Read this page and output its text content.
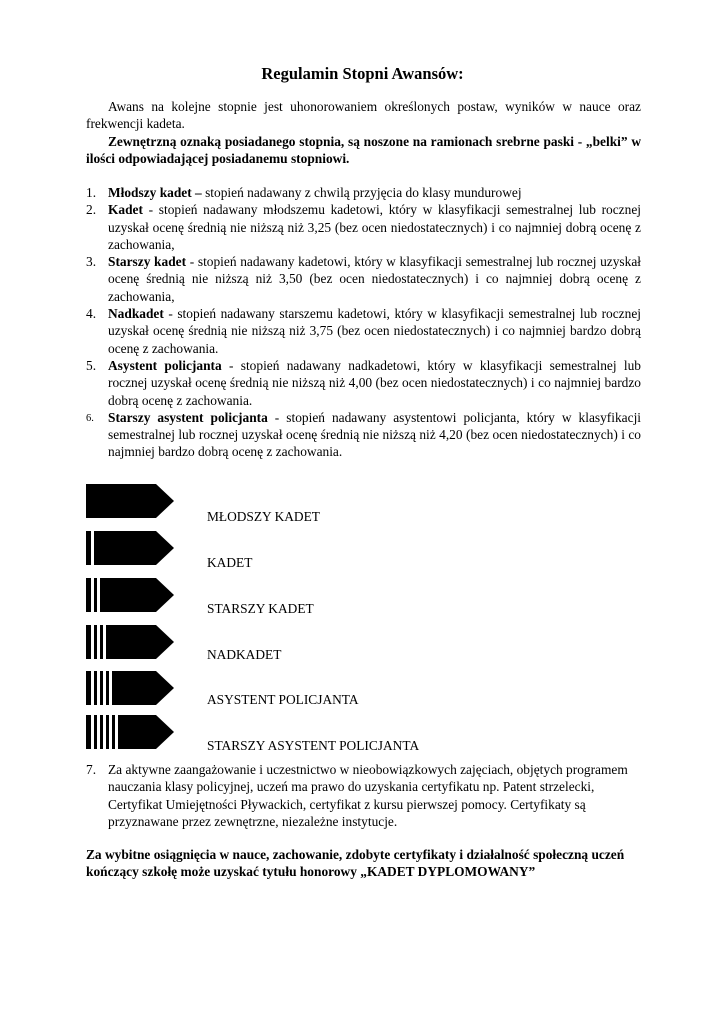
Regulamin Stopni Awansów:
Awans na kolejne stopnie jest uhonorowaniem określonych postaw, wyników w nauce oraz frekwencji kadeta.
Zewnętrzną oznaką posiadanego stopnia, są noszone na ramionach srebrne paski - „belki” w ilości odpowiadającej posiadanemu stopniowi.
1. Młodszy kadet – stopień nadawany z chwilą przyjęcia do klasy mundurowej
2. Kadet - stopień nadawany młodszemu kadetowi, który w klasyfikacji semestralnej lub rocznej uzyskał ocenę średnią nie niższą niż 3,25 (bez ocen niedostatecznych) i co najmniej dobrą ocenę z zachowania,
3. Starszy kadet - stopień nadawany kadetowi, który w klasyfikacji semestralnej lub rocznej uzyskał ocenę średnią nie niższą niż 3,50 (bez ocen niedostatecznych) i co najmniej dobrą ocenę z zachowania,
4. Nadkadet - stopień nadawany starszemu kadetowi, który w klasyfikacji semestralnej lub rocznej uzyskał ocenę średnią nie niższą niż 3,75 (bez ocen niedostatecznych) i co najmniej bardzo dobrą ocenę z zachowania.
5. Asystent policjanta - stopień nadawany nadkadetowi, który w klasyfikacji semestralnej lub rocznej uzyskał ocenę średnią nie niższą niż 4,00 (bez ocen niedostatecznych) i co najmniej bardzo dobrą ocenę z zachowania.
6. Starszy asystent policjanta - stopień nadawany asystentowi policjanta, który w klasyfikacji semestralnej lub rocznej uzyskał ocenę średnią nie niższą niż 4,20 (bez ocen niedostatecznych) i co najmniej bardzo dobrą ocenę z zachowania.
MŁODSZY KADET
KADET
STARSZY KADET
NADKADET
ASYSTENT POLICJANTA
STARSZY ASYSTENT POLICJANTA
7. Za aktywne zaangażowanie i uczestnictwo w nieobowiązkowych zajęciach, objętych programem nauczania klasy policyjnej, uczeń ma prawo do uzyskania certyfikatu np. Patent strzelecki, Certyfikat Umiejętności Pływackich, certyfikat z kursu pierwszej pomocy. Certyfikaty są przyznawane przez zewnętrzne, niezależne instytucje.
Za wybitne osiągnięcia w nauce, zachowanie, zdobyte certyfikaty i działalność społeczną uczeń kończący szkołę może uzyskać tytułu honorowy „KADET DYPLOMOWANY”
